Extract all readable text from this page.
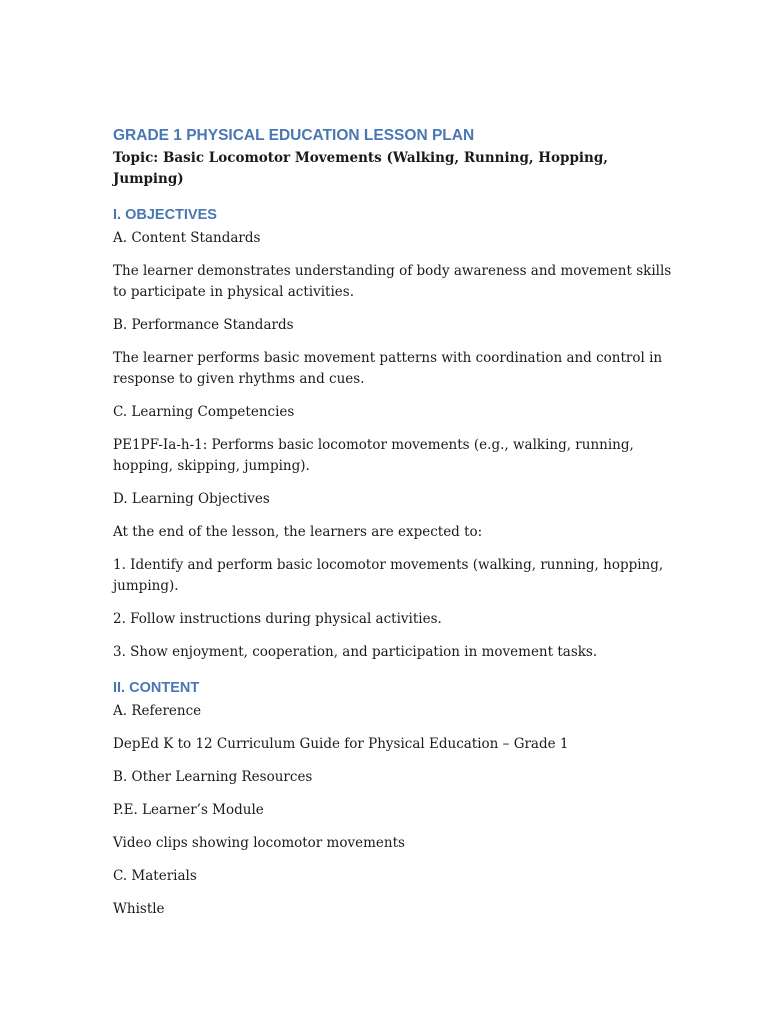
GRADE 1 PHYSICAL EDUCATION LESSON PLAN

Topic: Basic Locomotor Movements (Walking, Running, Hopping, Jumping)

I. OBJECTIVES

A. Content Standards

The learner demonstrates understanding of body awareness and movement skills to participate in physical activities.

B. Performance Standards

The learner performs basic movement patterns with coordination and control in response to given rhythms and cues.

C. Learning Competencies

PE1PF-Ia-h-1: Performs basic locomotor movements (e.g., walking, running, hopping, skipping, jumping).

D. Learning Objectives

At the end of the lesson, the learners are expected to:

1. Identify and perform basic locomotor movements (walking, running, hopping, jumping).

2. Follow instructions during physical activities.

3. Show enjoyment, cooperation, and participation in movement tasks.

II. CONTENT

A. Reference

DepEd K to 12 Curriculum Guide for Physical Education – Grade 1

B. Other Learning Resources

P.E. Learner’s Module

Video clips showing locomotor movements

C. Materials

Whistle
